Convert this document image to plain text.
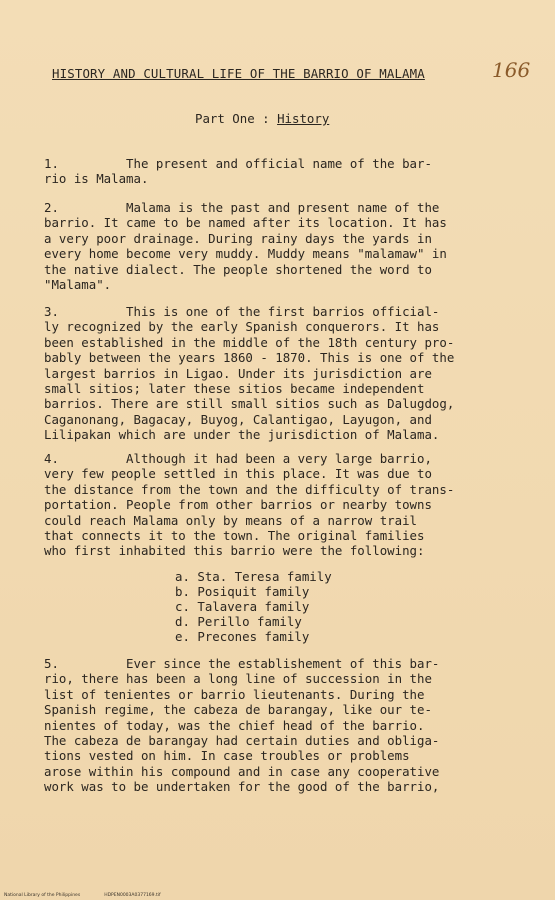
HISTORY AND CULTURAL LIFE OF THE BARRIO OF MALAMA	166
Part One : History
1.         The present and official name of the bar-
rio is Malama.
2.         Malama is the past and present name of the
barrio. It came to be named after its location. It has
a very poor drainage. During rainy days the yards in
every home become very muddy. Muddy means "malamaw" in
the native dialect. The people shortened the word to
"Malama".
3.         This is one of the first barrios official-
ly recognized by the early Spanish conquerors. It has
been established in the middle of the 18th century pro-
bably between the years 1860 - 1870. This is one of the
largest barrios in Ligao. Under its jurisdiction are
small sitios; later these sitios became independent
barrios. There are still small sitios such as Dalugdog,
Caganonang, Bagacay, Buyog, Calantigao, Layugon, and
Lilipakan which are under the jurisdiction of Malama.
4.         Although it had been a very large barrio,
very few people settled in this place. It was due to
the distance from the town and the difficulty of trans-
portation. People from other barrios or nearby towns
could reach Malama only by means of a narrow trail
that connects it to the town. The original families
who first inhabited this barrio were the following:
a. Sta. Teresa family
b. Posiquit family
c. Talavera family
d. Perillo family
e. Precones family
5.         Ever since the establishement of this bar-
rio, there has been a long line of succession in the
list of tenientes or barrio lieutenants. During the
Spanish regime, the cabeza de barangay, like our te-
nientes of today, was the chief head of the barrio.
The cabeza de barangay had certain duties and obliga-
tions vested on him. In case troubles or problems
arose within his compound and in case any cooperative
work was to be undertaken for the good of the barrio,
National Library of the Philippines	HDPEN0003A0377169.tif
